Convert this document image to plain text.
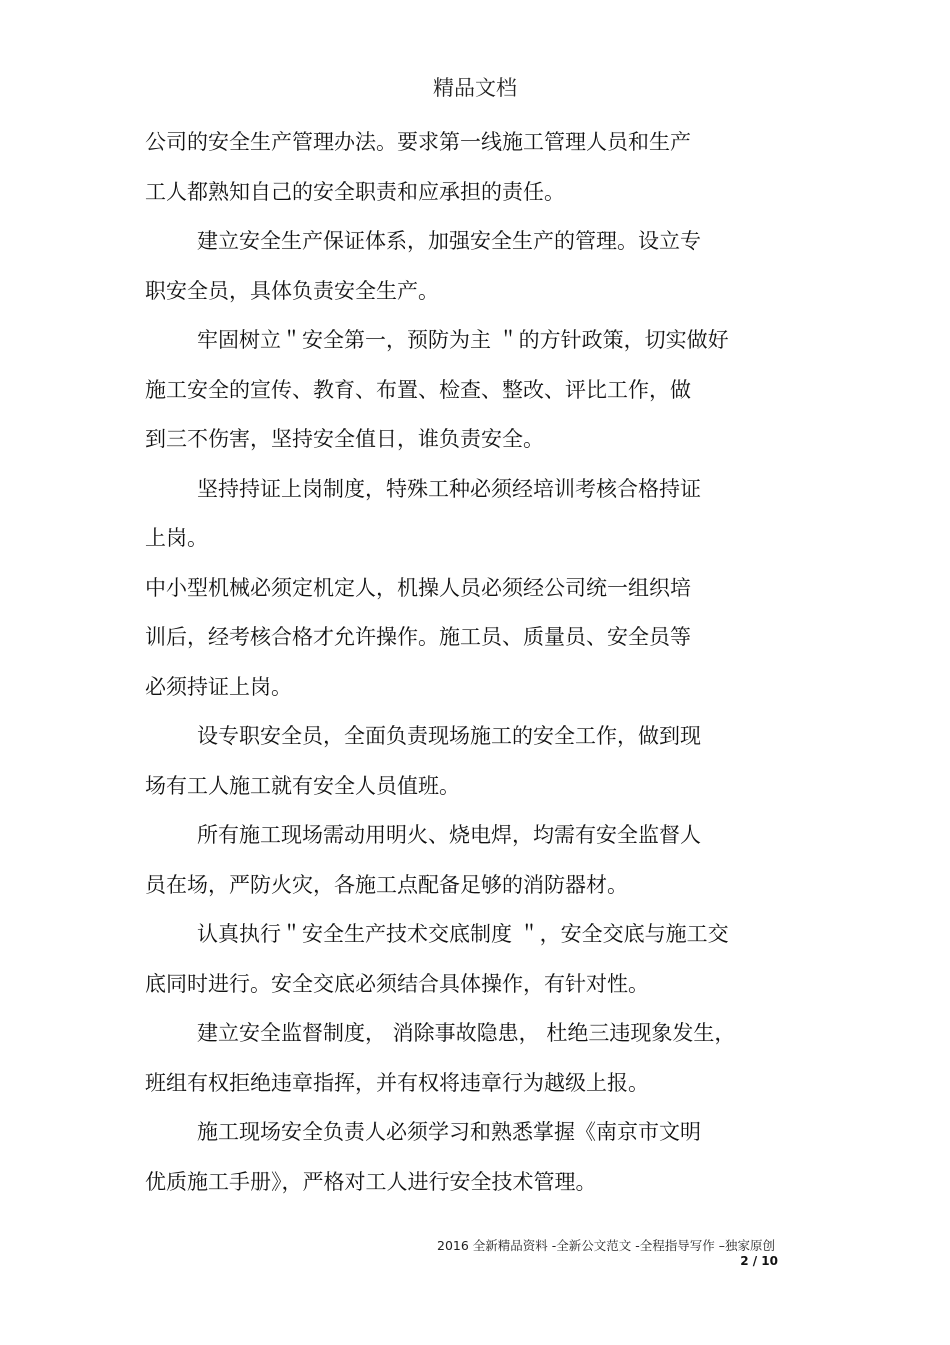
精品文档
公司的安全生产管理办法。要求第一线施工管理人员和生产
工人都熟知自己的安全职责和应承担的责任。
建立安全生产保证体系，加强安全生产的管理。设立专
职安全员，具体负责安全生产。
牢固树立＂安全第一，预防为主 ＂的方针政策，切实做好
施工安全的宣传、教育、布置、检查、整改、评比工作，做
到三不伤害，坚持安全值日，谁负责安全。
坚持持证上岗制度，特殊工种必须经培训考核合格持证
上岗。
中小型机械必须定机定人，机操人员必须经公司统一组织培
训后，经考核合格才允许操作。施工员、质量员、安全员等
必须持证上岗。
设专职安全员，全面负责现场施工的安全工作，做到现
场有工人施工就有安全人员值班。
所有施工现场需动用明火、烧电焊，均需有安全监督人
员在场，严防火灾，各施工点配备足够的消防器材。
认真执行＂安全生产技术交底制度 ＂，安全交底与施工交
底同时进行。安全交底必须结合具体操作，有针对性。
建立安全监督制度， 消除事故隐患， 杜绝三违现象发生，
班组有权拒绝违章指挥，并有权将违章行为越级上报。
施工现场安全负责人必须学习和熟悉掌握《南京市文明
优质施工手册》，严格对工人进行安全技术管理。
2016 全新精品资料 -全新公文范文 -全程指导写作 –独家原创
2 / 10
